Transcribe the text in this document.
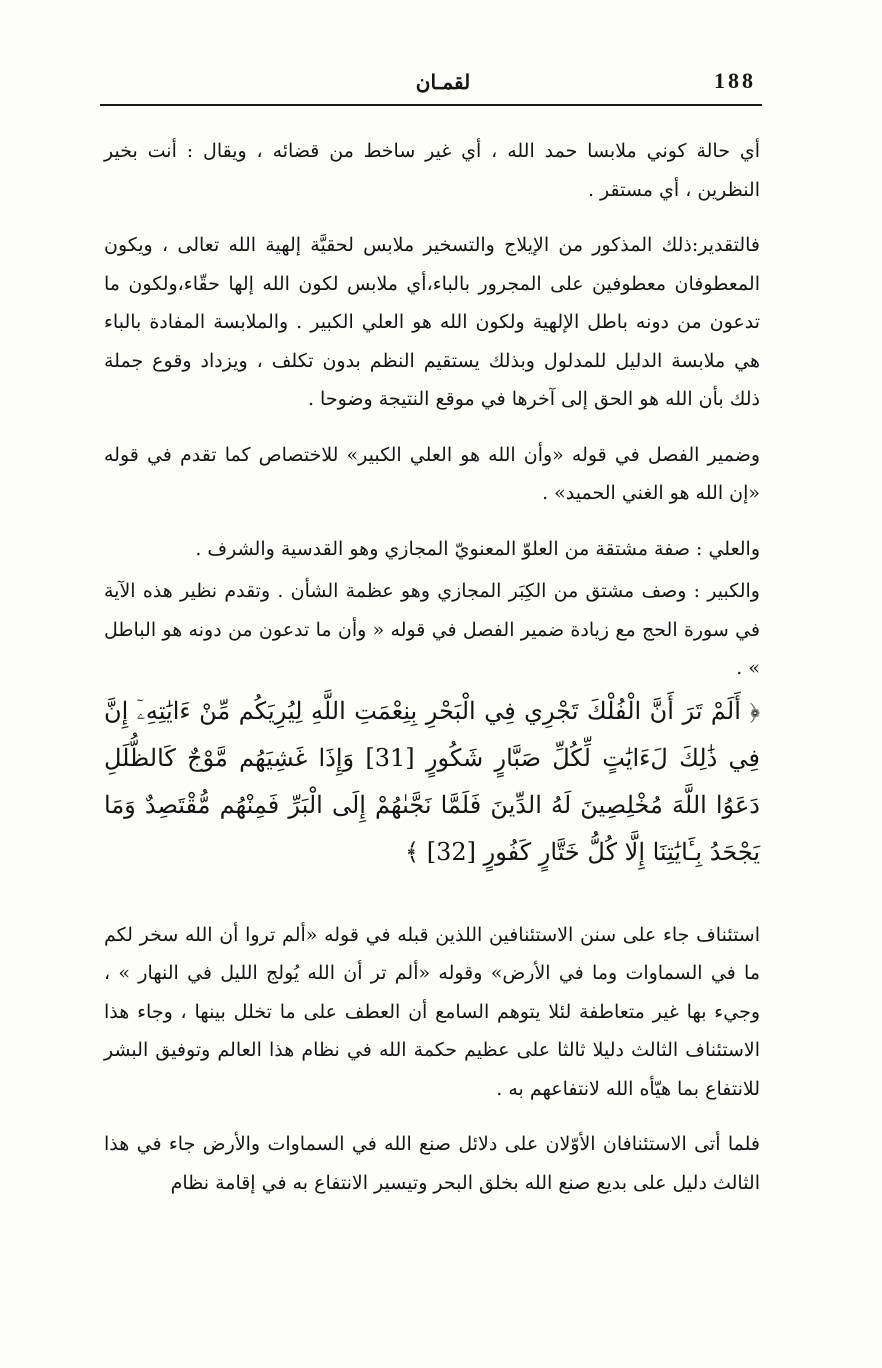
188
لقمـان

أي حالة كوني ملابسا حمد الله ، أي غير ساخط من قضائه ، ويقال : أنت بخير النظرين ، أي مستقر .

فالتقدير:ذلك المذكور من الإيلاج والتسخير ملابس لحقيَّة إلهية الله تعالى ، ويكون المعطوفان معطوفين على المجرور بالباء،أي ملابس لكون الله إلها حقّاء،ولكون ما تدعون من دونه باطل الإلهية ولكون الله هو العلي الكبير . والملابسة المفادة بالباء هي ملابسة الدليل للمدلول وبذلك يستقيم النظم بدون تكلف ، ويزداد وقوع جملة ذلك بأن الله هو الحق إلى آخرها في موقع النتيجة وضوحا .

وضمير الفصل في قوله «وأن الله هو العلي الكبير» للاختصاص كما تقدم في قوله «إن الله هو الغني الحميد» .

والعلي : صفة مشتقة من العلوّ المعنويّ المجازي وهو القدسية والشرف .

والكبير : وصف مشتق من الكِبَر المجازي وهو عظمة الشأن . وتقدم نظير هذه الآية في سورة الحج مع زيادة ضمير الفصل في قوله « وأن ما تدعون من دونه هو الباطل » .

﴿ أَلَمْ تَرَ أَنَّ الْفُلْكَ تَجْرِي فِي الْبَحْرِ بِنِعْمَتِ اللَّهِ لِيُرِيَكُم مِّنْ ءَايَٰتِهِۦٓ إِنَّ فِي ذَٰلِكَ لَءَايَٰتٍ لِّكُلِّ صَبَّارٍ شَكُورٍ [31] وَإِذَا غَشِيَهُم مَّوْجٌ كَالظُّلَلِ دَعَوُا اللَّهَ مُخْلِصِينَ لَهُ الدِّينَ فَلَمَّا نَجَّىٰهُمْ إِلَى الْبَرِّ فَمِنْهُم مُّقْتَصِدٌ وَمَا يَجْحَدُ بِـَٔايَٰتِنَا إِلَّا كُلُّ خَتَّارٍ كَفُورٍ [32] ﴾

استئناف جاء على سنن الاستئنافين اللذين قبله في قوله «ألم تروا أن الله سخر لكم ما في السماوات وما في الأرض» وقوله «ألم تر أن الله يُولج الليل في النهار » ، وجيء بها غير متعاطفة لئلا يتوهم السامع أن العطف على ما تخلل بينها ، وجاء هذا الاستئناف الثالث دليلا ثالثا على عظيم حكمة الله في نظام هذا العالم وتوفيق البشر للانتفاع بما هيّأه الله لانتفاعهم به .

فلما أتى الاستئنافان الأوّلان على دلائل صنع الله في السماوات والأرض جاء في هذا الثالث دليل على بديع صنع الله بخلق البحر وتيسير الانتفاع به في إقامة نظام
